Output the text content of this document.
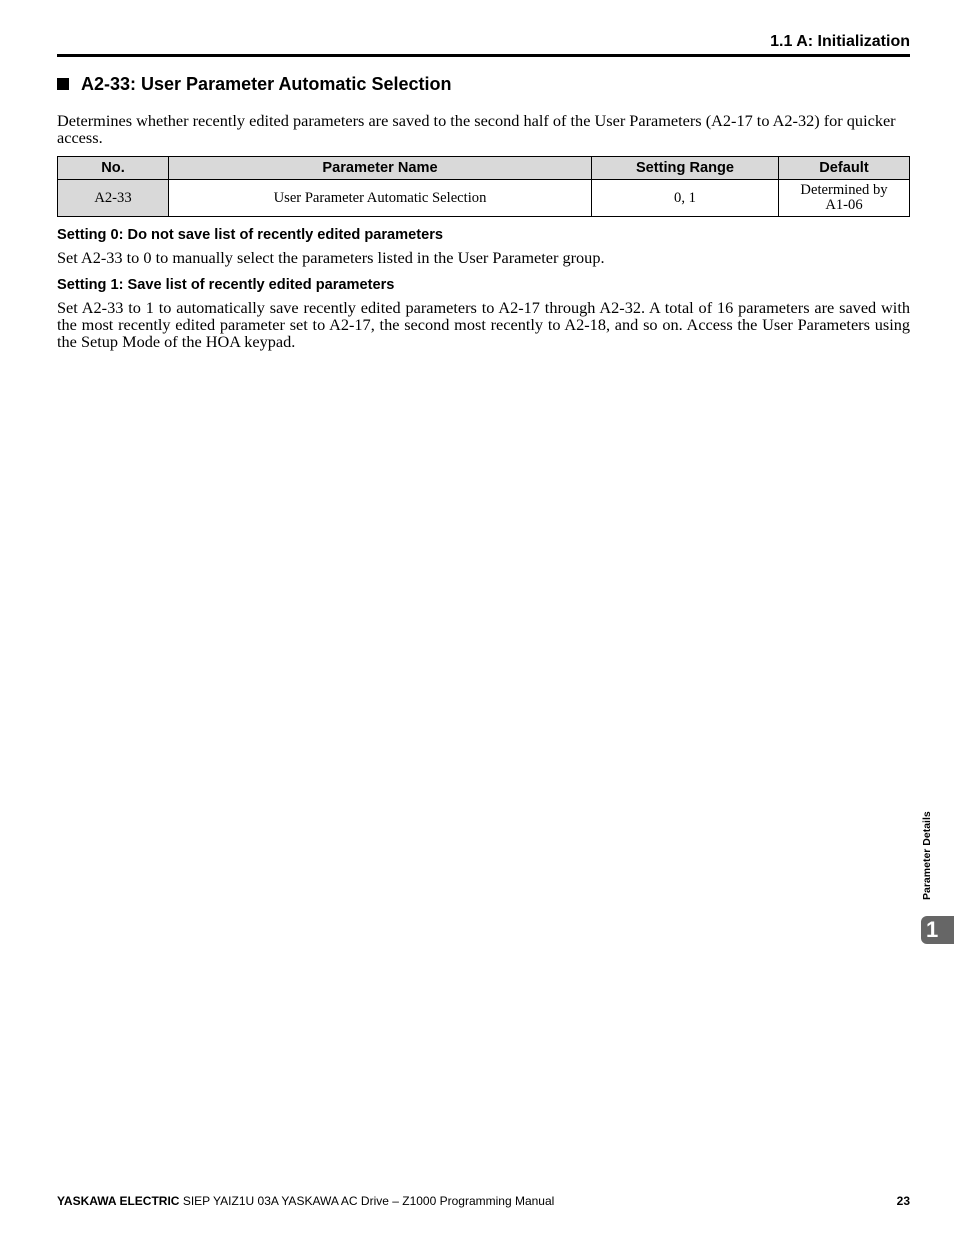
1.1 A: Initialization
A2-33: User Parameter Automatic Selection
Determines whether recently edited parameters are saved to the second half of the User Parameters (A2-17 to A2-32) for quicker access.
No.	Parameter Name	Setting Range	Default
A2-33	User Parameter Automatic Selection	0, 1	Determined by A1-06
Setting 0: Do not save list of recently edited parameters
Set A2-33 to 0 to manually select the parameters listed in the User Parameter group.
Setting 1: Save list of recently edited parameters
Set A2-33 to 1 to automatically save recently edited parameters to A2-17 through A2-32. A total of 16 parameters are saved with the most recently edited parameter set to A2-17, the second most recently to A2-18, and so on. Access the User Parameters using the Setup Mode of the HOA keypad.
Parameter Details
1
YASKAWA ELECTRIC SIEP YAIZ1U 03A YASKAWA AC Drive – Z1000 Programming Manual	23
